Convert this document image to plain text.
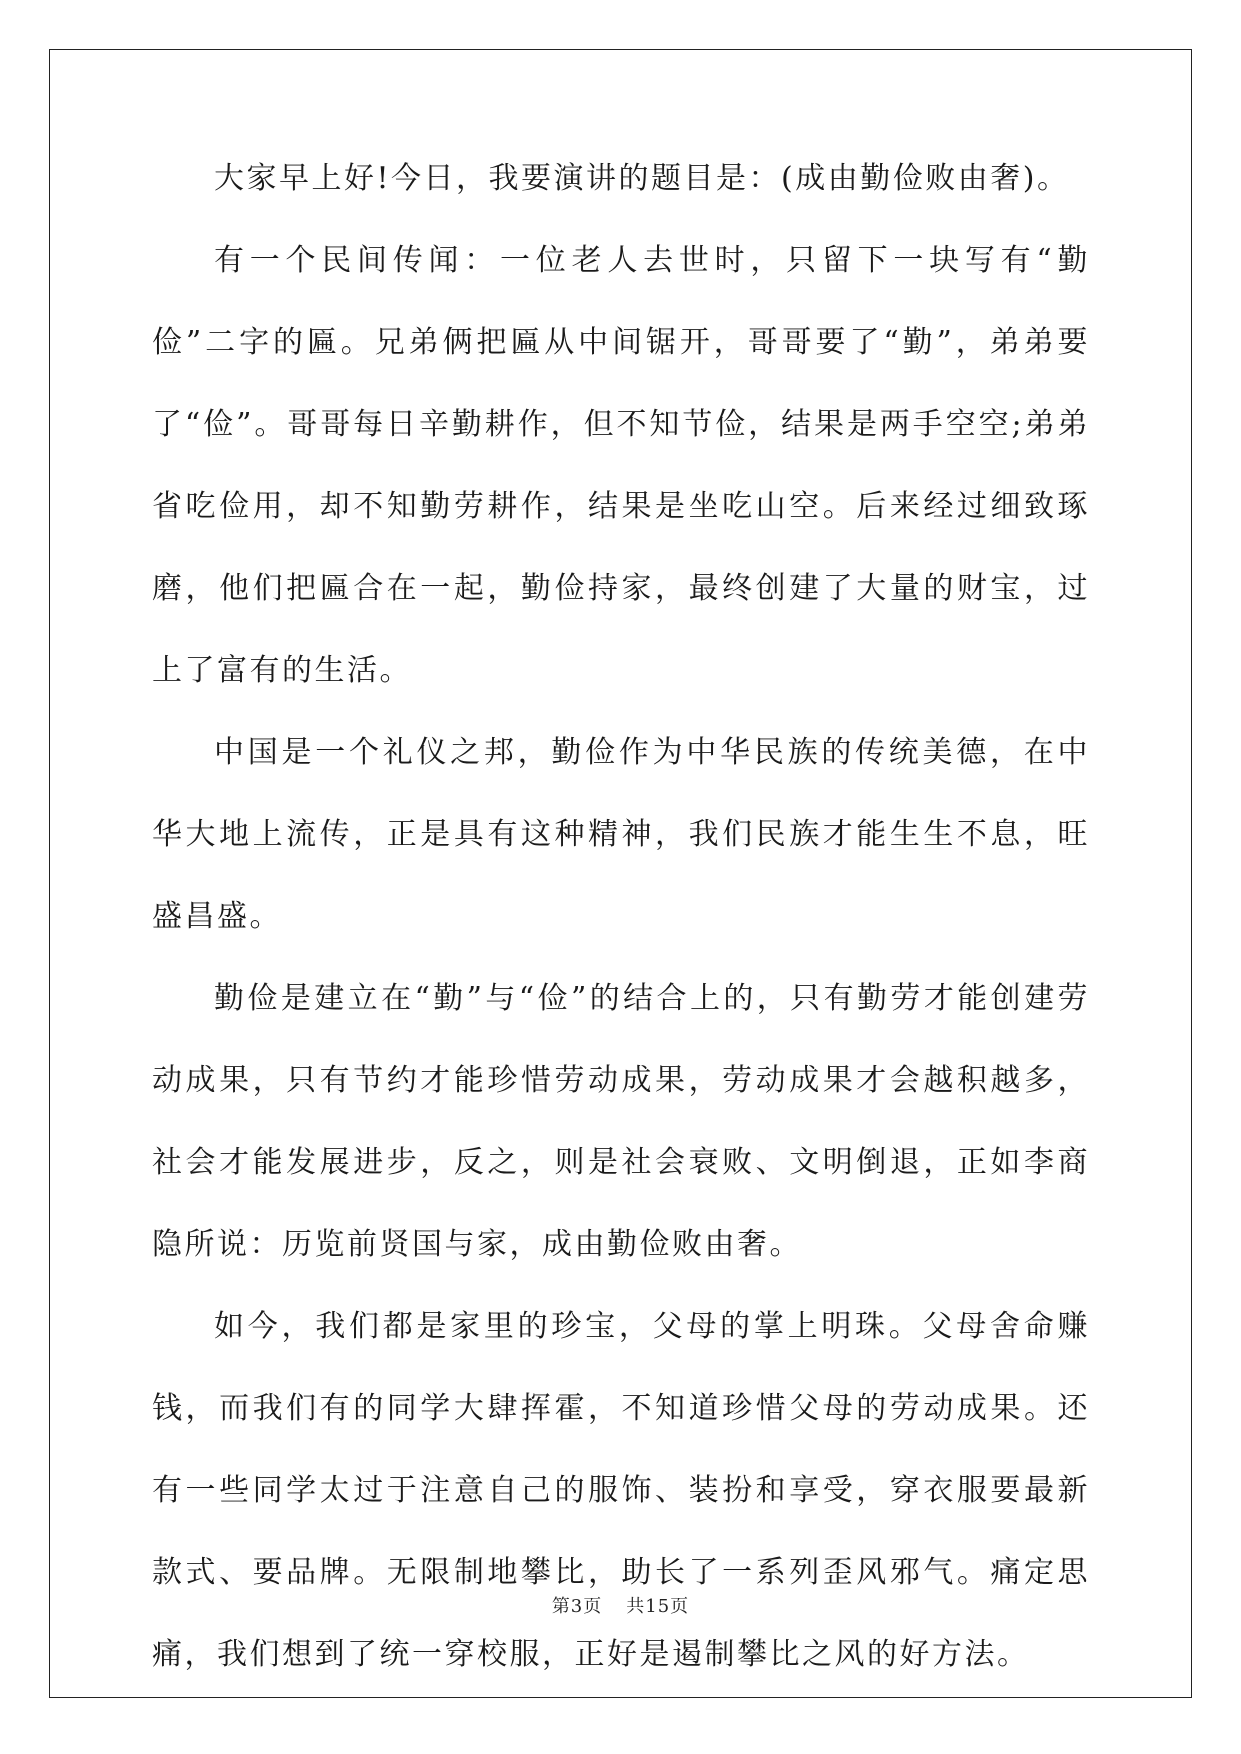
大家早上好!今日，我要演讲的题目是：(成由勤俭败由奢)。

有一个民间传闻：一位老人去世时，只留下一块写有“勤俭”二字的匾。兄弟俩把匾从中间锯开，哥哥要了“勤”，弟弟要了“俭”。哥哥每日辛勤耕作，但不知节俭，结果是两手空空;弟弟省吃俭用，却不知勤劳耕作，结果是坐吃山空。后来经过细致琢磨，他们把匾合在一起，勤俭持家，最终创建了大量的财宝，过上了富有的生活。

中国是一个礼仪之邦，勤俭作为中华民族的传统美德，在中华大地上流传，正是具有这种精神，我们民族才能生生不息，旺盛昌盛。

勤俭是建立在“勤”与“俭”的结合上的，只有勤劳才能创建劳动成果，只有节约才能珍惜劳动成果，劳动成果才会越积越多，社会才能发展进步，反之，则是社会衰败、文明倒退，正如李商隐所说：历览前贤国与家，成由勤俭败由奢。

如今，我们都是家里的珍宝，父母的掌上明珠。父母舍命赚钱，而我们有的同学大肆挥霍，不知道珍惜父母的劳动成果。还有一些同学太过于注意自己的服饰、装扮和享受，穿衣服要最新款式、要品牌。无限制地攀比，助长了一系列歪风邪气。痛定思痛，我们想到了统一穿校服，正好是遏制攀比之风的好方法。

第3页 共15页
